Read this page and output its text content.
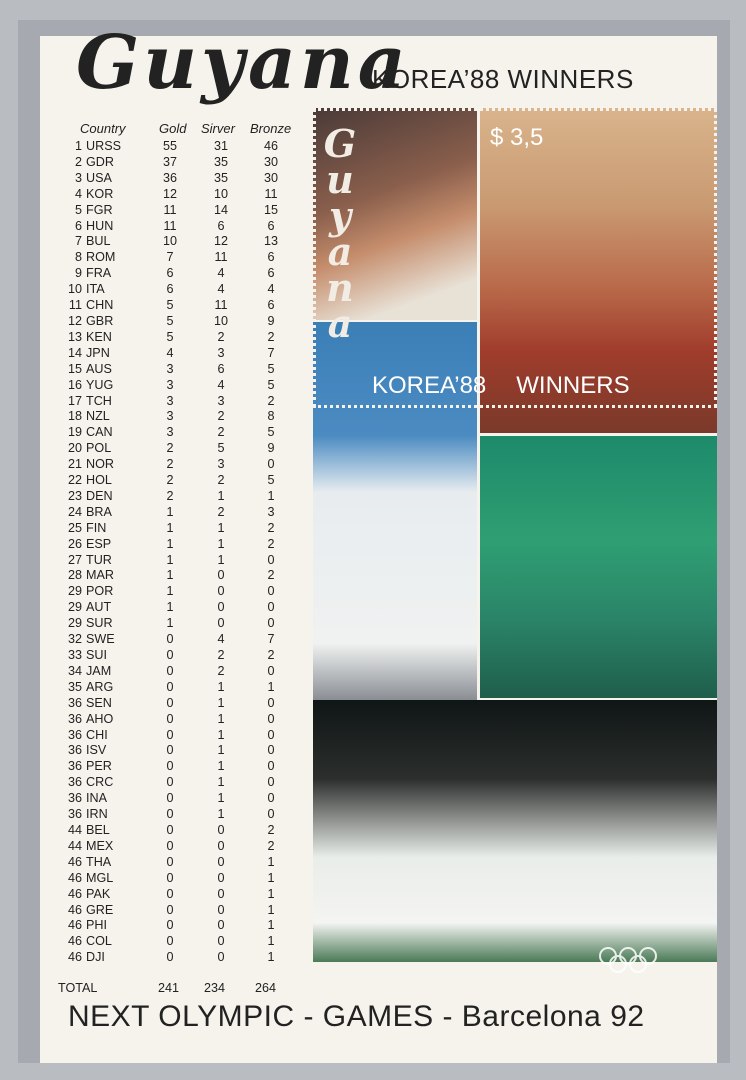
Guyana
KOREA’88 WINNERS
Country	Gold Sirver Bronze
1	URSS	55	31	46
2	GDR	37	35	30
3	USA	36	35	30
4	KOR	12	10	11
5	FGR	11	14	15
6	HUN	11	6	6
7	BUL	10	12	13
8	ROM	7	11	6
9	FRA	6	4	6
10	ITA	6	4	4
11	CHN	5	11	6
12	GBR	5	10	9
13	KEN	5	2	2
14	JPN	4	3	7
15	AUS	3	6	5
16	YUG	3	4	5
17	TCH	3	3	2
18	NZL	3	2	8
19	CAN	3	2	5
20	POL	2	5	9
21	NOR	2	3	0
22	HOL	2	2	5
23	DEN	2	1	1
24	BRA	1	2	3
25	FIN	1	1	2
26	ESP	1	1	2
27	TUR	1	1	0
28	MAR	1	0	2
29	POR	1	0	0
29	AUT	1	0	0
29	SUR	1	0	0
32	SWE	0	4	7
33	SUI	0	2	2
34	JAM	0	2	0
35	ARG	0	1	1
36	SEN	0	1	0
36	AHO	0	1	0
36	CHI	0	1	0
36	ISV	0	1	0
36	PER	0	1	0
36	CRC	0	1	0
36	INA	0	1	0
36	IRN	0	1	0
44	BEL	0	0	2
44	MEX	0	0	2
46	THA	0	0	1
46	MGL	0	0	1
46	PAK	0	0	1
46	GRE	0	0	1
46	PHI	0	0	1
46	COL	0	0	1
46	DJI	0	0	1
TOTAL	241 234 264
G
u
y
a
n
a
$ 3,5
KOREA’88 WINNERS
NEXT OLYMPIC - GAMES - Barcelona 92
